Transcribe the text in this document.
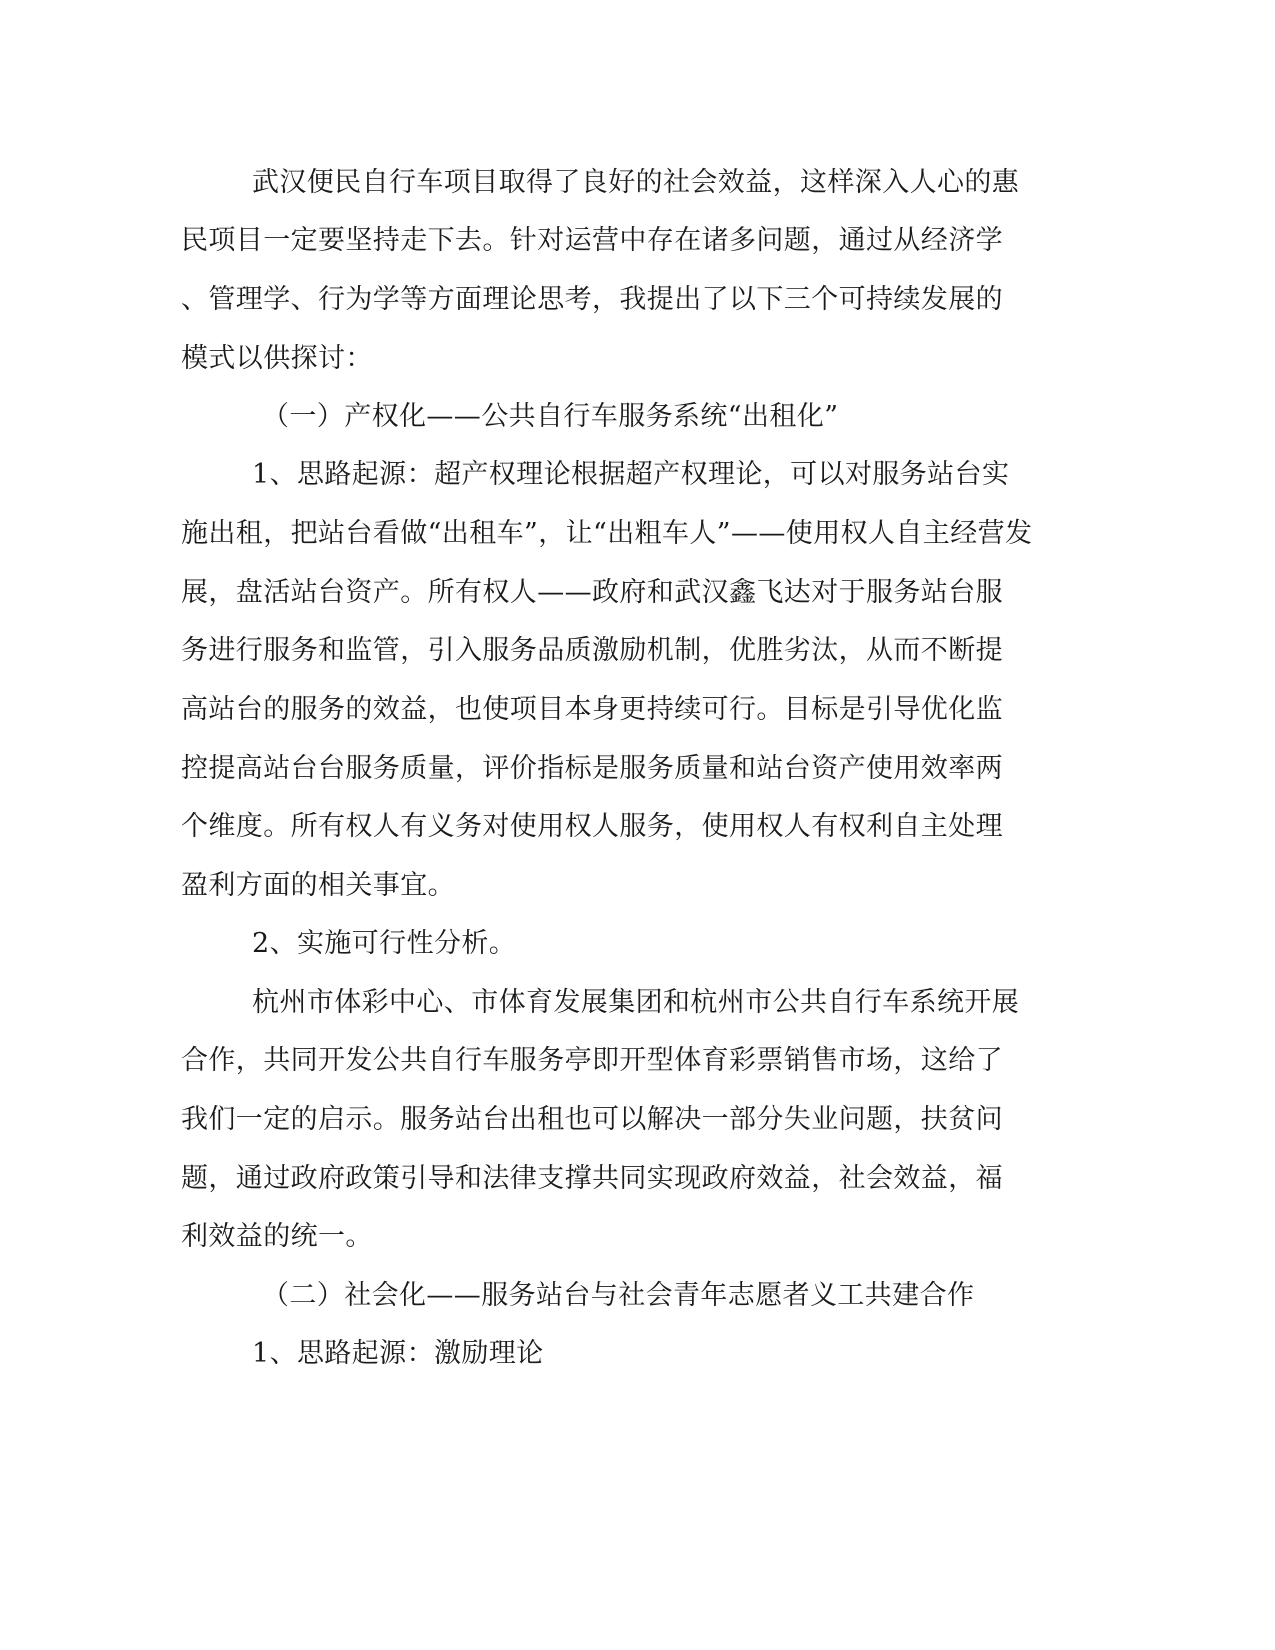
武汉便民自行车项目取得了良好的社会效益，这样深入人心的惠

民项目一定要坚持走下去。针对运营中存在诸多问题，通过从经济学

、管理学、行为学等方面理论思考，我提出了以下三个可持续发展的

模式以供探讨：

（一）产权化——公共自行车服务系统“出租化”

1、思路起源：超产权理论根据超产权理论，可以对服务站台实

施出租，把站台看做“出租车”，让“出粗车人”——使用权人自主经营发

展，盘活站台资产。所有权人——政府和武汉鑫飞达对于服务站台服

务进行服务和监管，引入服务品质激励机制，优胜劣汰，从而不断提

高站台的服务的效益，也使项目本身更持续可行。目标是引导优化监

控提高站台台服务质量，评价指标是服务质量和站台资产使用效率两

个维度。所有权人有义务对使用权人服务，使用权人有权利自主处理

盈利方面的相关事宜。

2、实施可行性分析。

杭州市体彩中心、市体育发展集团和杭州市公共自行车系统开展

合作，共同开发公共自行车服务亭即开型体育彩票销售市场，这给了

我们一定的启示。服务站台出租也可以解决一部分失业问题，扶贫问

题，通过政府政策引导和法律支撑共同实现政府效益，社会效益，福

利效益的统一。

（二）社会化——服务站台与社会青年志愿者义工共建合作

1、思路起源：激励理论
